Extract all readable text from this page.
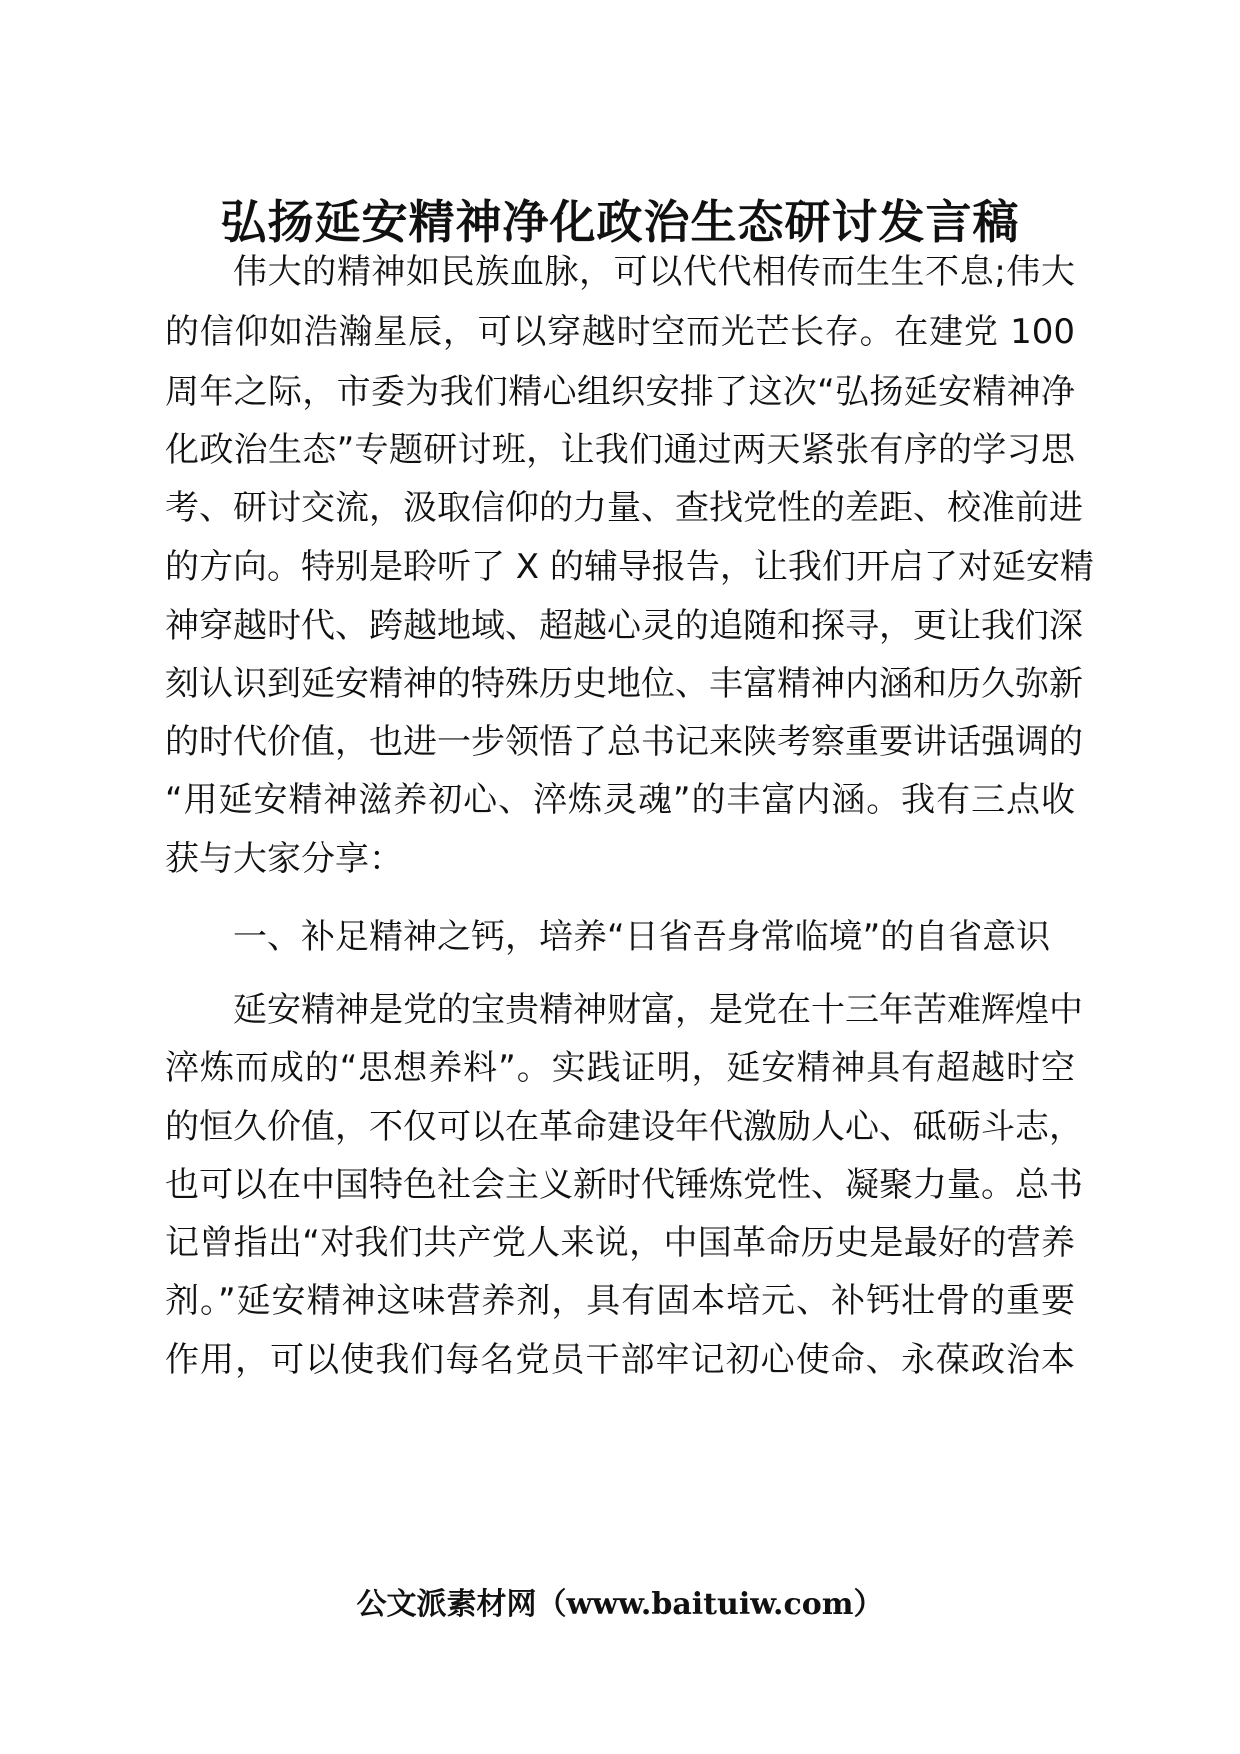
弘扬延安精神净化政治生态研讨发言稿
伟大的精神如民族血脉，可以代代相传而生生不息;伟大
的信仰如浩瀚星辰，可以穿越时空而光芒长存。在建党 100
周年之际，市委为我们精心组织安排了这次“弘扬延安精神净
化政治生态”专题研讨班，让我们通过两天紧张有序的学习思
考、研讨交流，汲取信仰的力量、查找党性的差距、校准前进
的方向。特别是聆听了 X 的辅导报告，让我们开启了对延安精
神穿越时代、跨越地域、超越心灵的追随和探寻，更让我们深
刻认识到延安精神的特殊历史地位、丰富精神内涵和历久弥新
的时代价值，也进一步领悟了总书记来陕考察重要讲话强调的
“用延安精神滋养初心、淬炼灵魂”的丰富内涵。我有三点收
获与大家分享：
一、补足精神之钙，培养“日省吾身常临境”的自省意识
延安精神是党的宝贵精神财富，是党在十三年苦难辉煌中
淬炼而成的“思想养料”。实践证明，延安精神具有超越时空
的恒久价值，不仅可以在革命建设年代激励人心、砥砺斗志，
也可以在中国特色社会主义新时代锤炼党性、凝聚力量。总书
记曾指出“对我们共产党人来说，中国革命历史是最好的营养
剂。”延安精神这味营养剂，具有固本培元、补钙壮骨的重要
作用，可以使我们每名党员干部牢记初心使命、永葆政治本
公文派素材网（www.baituiw.com）
